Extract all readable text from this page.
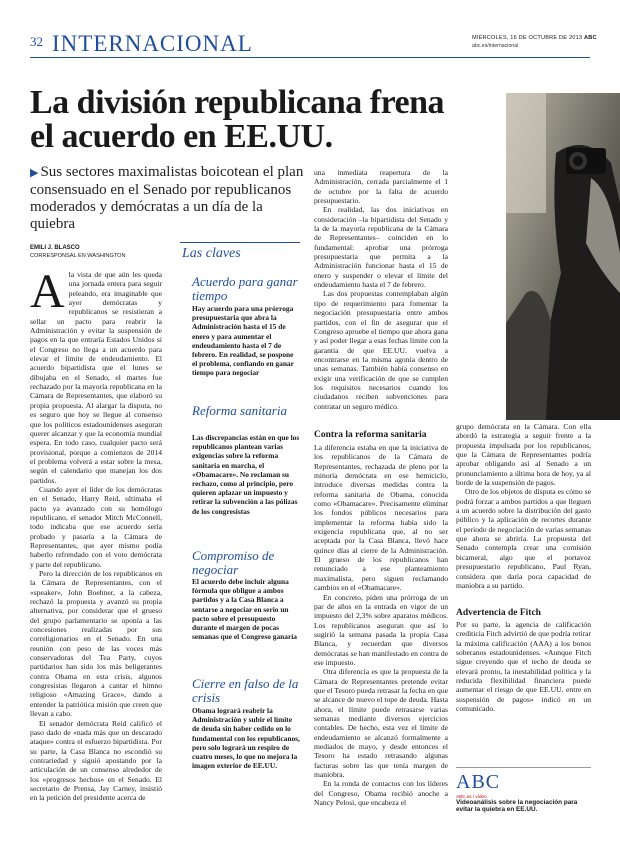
32 INTERNACIONAL	MIÉRCOLES, 16 DE OCTUBRE DE 2013 ABC
abc.es/internacional
La división republicana frena el acuerdo en EE.UU.
▶ Sus sectores maximalistas boicotean el plan consensuado en el Senado por republicanos moderados y demócratas a un día de la quiebra
EMILI J. BLASCO
CORRESPONSAL EN WASHINGTON
A la vista de que aún les queda una jornada entera para seguir peleando, era imaginable que ayer demócratas y republicanos se resistieran a sellar un pacto para reabrir la Administración y evitar la suspensión de pagos en la que entraría Estados Unidos si el Congreso no llega a un acuerdo para elevar el límite de endeudamiento. El acuerdo bipartidista que el lunes se dibujaba en el Senado, el martes fue rechazado por la mayoría republicana en la Cámara de Representantes, que elaboró su propia propuesta. Al alargar la disputa, no es seguro que hoy se llegue al consenso que los políticos estadounidenses aseguran querer alcanzar y que la economía mundial espera. En todo caso, cualquier pacto será provisional, porque a comienzos de 2014 el problema volverá a estar sobre la mesa, según el calendario que manejan los dos partidos.

Cuando ayer el líder de los demócratas en el Senado, Harry Reid, ultimaba el pacto ya avanzado con su homólogo republicano, el senador Mitch McConnell, todo indicaba que ese acuerdo sería probado y pasaría a la Cámara de Representantes, que ayer mismo podía haberlo refrendado con el voto demócrata y parte del republicano.

Pero la dirección de los republicanos en la Cámara de Representantes, con el «speaker», John Boehner, a la cabeza, rechazó la propuesta y avanzó su propia alternativa, por considerar que el grueso del grupo parlamentario se oponía a las concesiones realizadas por sus correligionarios en el Senado. En una reunión con peso de las voces más conservadoras del Tea Party, cuyos partidarios han sido los más beligerantes contra Obama en esta crisis, algunos congresistas llegaron a cantar el himno religioso «Amazing Grace», dando a entender la patriótica misión que creen que llevan a cabo.

El senador demócrata Reid calificó el paso dado de «nada más que un descarado ataque» contra el esfuerzo bipartidista. Por su parte, la Casa Blanca no escondió su contrariedad y siguió apostando por la articulación de un consenso alrededor de los «progresos hechos» en el Senado. El secretario de Prensa, Jay Carney, insistió en la petición del presidente acerca de

Las claves
Acuerdo para ganar tiempo
Hay acuerdo para una prórroga presupuestaria que abra la Administración hasta el 15 de enero y para aumentar el endeudamiento hasta el 7 de febrero. En realidad, se pospone el problema, confiando en ganar tiempo para negociar
Reforma sanitaria
Las discrepancias están en que los republicanos plantean varias exigencias sobre la reforma sanitaria en marcha, el «Obamacare». No reclaman su rechazo, como al principio, pero quieren aplazar un impuesto y retirar la subvención a las pólizas de los congresistas
Compromiso de negociar
El acuerdo debe incluir alguna fórmula que obligue a ambos partidos y a la Casa Blanca a sentarse a negociar en serio un pacto sobre el presupuesto durante el margen de pocas semanas que el Congreso ganaría
Cierre en falso de la crisis
Obama logrará reabrir la Administración y subir el límite de deuda sin haber cedido en lo fundamental con los republicanos, pero solo logrará un respiro de cuatro meses, lo que no mejora la imagen exterior de EE.UU.

una inmediata reapertura de la Administración, cerrada parcialmente el 1 de octubre por la falta de acuerdo presupuestario.

En realidad, las dos iniciativas en consideración –la bipartidista del Senado y la de la mayoría republicana de la Cámara de Representantes– coinciden en lo fundamental: aprobar una prórroga presupuestaria que permita a la Administración funcionar hasta el 15 de enero y suspender o elevar el límite del endeudamiento hasta el 7 de febrero.

Las dos propuestas contemplaban algún tipo de requerimiento para fomentar la negociación presupuestaria entre ambos partidos, con el fin de asegurar que el Congreso apruebe el tiempo que ahora gana y así poder llegar a esas fechas límite con la garantía de que EE.UU. vuelva a encontrarse en la misma agonía dentro de unas semanas. También había consenso en exigir una verificación de que se cumplen los requisitos necesarios cuando los ciudadanos reciben subvenciones para contratar un seguro médico.

Contra la reforma sanitaria

La diferencia estaba en que la iniciativa de los republicanos de la Cámara de Representantes, rechazada de pleno por la minoría demócrata en ese hemiciclo, introduce diversas medidas contra la reforma sanitaria de Obama, conocida como «Obamacare». Precisamente eliminar los fondos públicos necesarios para implementar la reforma había sido la exigencia republicana que, al no ser aceptada por la Casa Blanca, llevó hace quince días al cierre de la Administración. El grueso de los republicanos han renunciado a ese planteamiento maximalista, pero siguen reclamando cambios en el «Obamacare».

En concreto, piden una prórroga de un par de años en la entrada en vigor de un impuesto del 2,3% sobre aparatos médicos. Los republicanos aseguran que así lo sugirió la semana pasada la propia Casa Blanca, y recuerdan que diversos demócratas se han manifestado en contra de ese impuesto.

Otra diferencia es que la propuesta de la Cámara de Representantes pretende evitar que el Tesoro pueda retrasar la fecha en que se alcance de nuevo el tope de deuda. Hasta ahora, el límite puede retrasarse varias semanas mediante diversos ejercicios contables. De hecho, esta vez el límite de endeudamiento se alcanzó formalmente a mediados de mayo, y desde entonces el Tesoro ha estado retrasando algunas facturas sobre las que tenía margen de maniobra.

En la ronda de contactos con los líderes del Congreso, Obama recibió anoche a Nancy Pelosi, que encabeza el

grupo demócrata en la Cámara. Con ella abordó la estrategia a seguir frente a la propuesta impulsada por los republicanos, que la Cámara de Representantes podría aprobar obligando así al Senado a un pronunciamiento a última hora de hoy, ya al borde de la suspensión de pagos.

Otro de los objetos de disputa es cómo se podrá forzar a ambos partidos a que lleguen a un acuerdo sobre la distribución del gasto público y la aplicación de recortes durante el periodo de negociación de varias semanas que ahora se abriría. La propuesta del Senado contempla crear una comisión bicameral, algo que el portavoz presupuestario republicano, Paul Ryan, considera que daría poca capacidad de maniobra a su partido.

Advertencia de Fitch

Por su parte, la agencia de calificación crediticia Fitch advirtió de que podría retirar la máxima calificación (AAA) a los bonos soberanos estadounidenses. «Aunque Fitch sigue creyendo que el techo de deuda se elevará pronto, la inestabilidad política y la reducida flexibilidad financiera puede aumentar el riesgo de que EE.UU. entre en suspensión de pagos» indicó en un comunicado.

ABC
ABC.es / vídeo
Videoanálisis sobre la negociación para evitar la quiebra en EE.UU.
